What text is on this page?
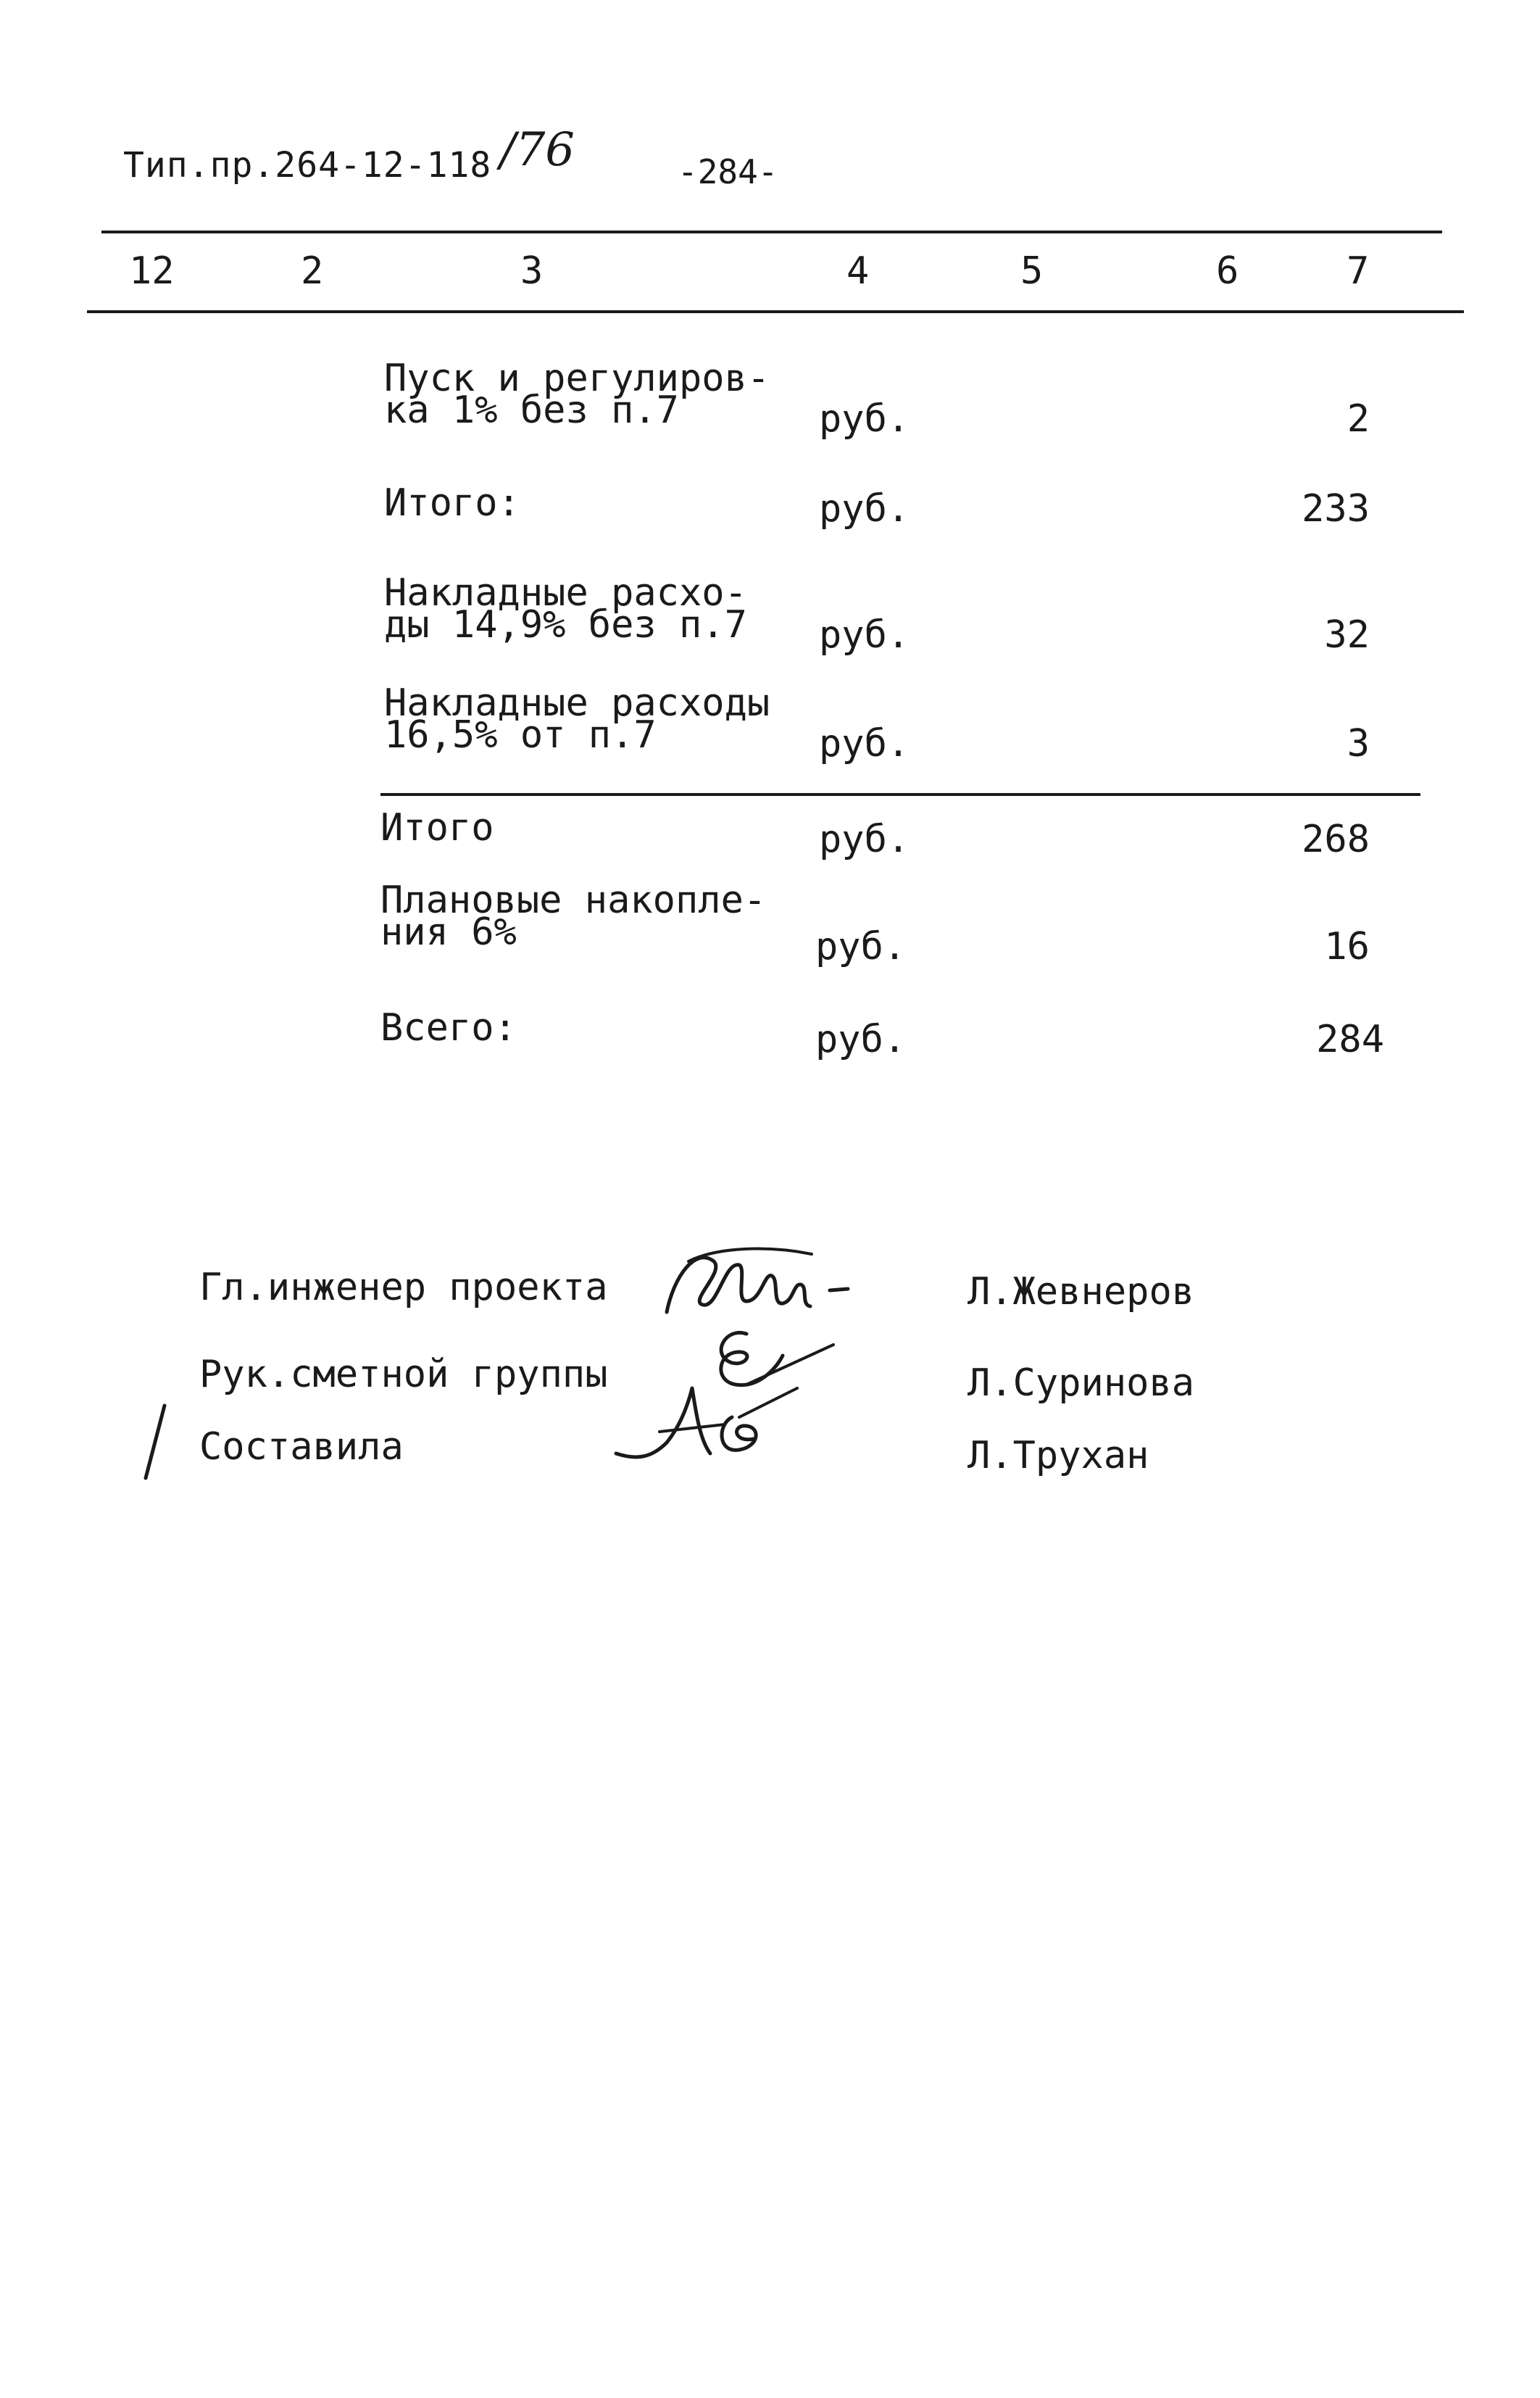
Тип.пр.264-12-118 /76	-284-
12	2	3	4	5	6	7
Пуск и регулиров-
ка 1% без п.7	руб.	2
Итого:	руб.	233
Накладные расхо-
ды 14,9% без п.7 руб.	32
Накладные расходы
16,5% от п.7	руб.	3
Итого	руб.	268
Плановые накопле-
ния 6%	руб.	16
Всего:	руб.	284
Гл.инженер проекта	Л.Жевнеров
Рук.сметной группы	Л.Суринова
Составила	Л.Трухан
